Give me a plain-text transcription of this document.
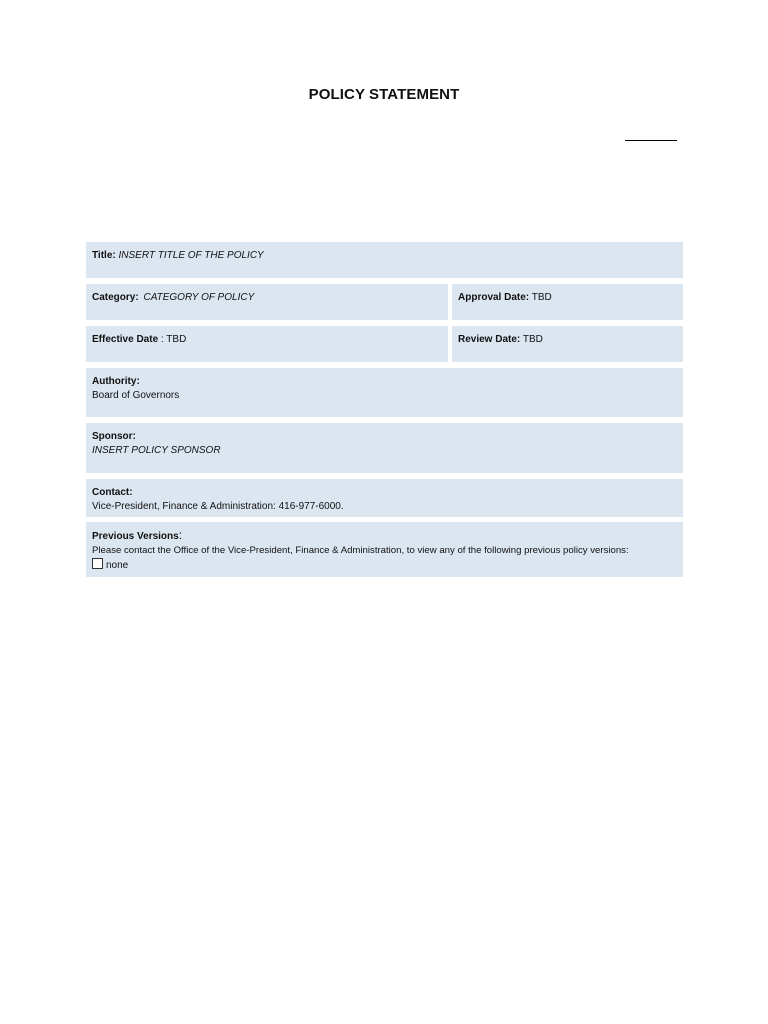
POLICY STATEMENT
Title: INSERT TITLE OF THE POLICY
Category: CATEGORY OF POLICY	Approval Date: TBD
Effective Date : TBD	Review Date: TBD
Authority:
Board of Governors
Sponsor:
INSERT POLICY SPONSOR
Contact:
Vice-President, Finance & Administration: 416-977-6000.
Previous Versions:
Please contact the Office of the Vice-President, Finance & Administration, to view any of the following previous policy versions:
none
